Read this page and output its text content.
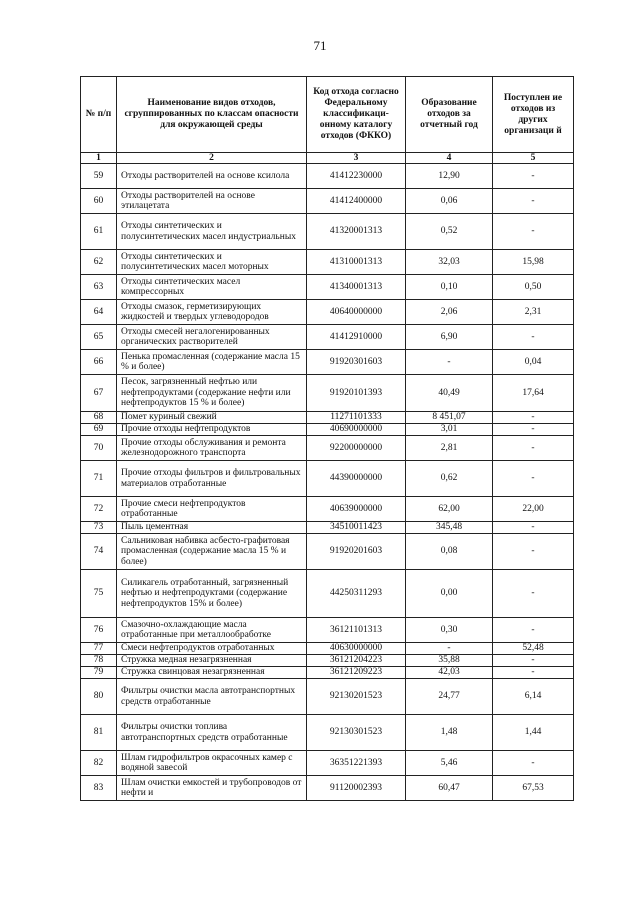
71
№ п/п	Наименование видов отходов, сгруппированных по классам опасности для окружающей среды	Код отхода согласно Федеральному классификаци-онному каталогу отходов (ФККО)	Образование отходов за отчетный год	Поступлен ие отходов из других организаци й
1	2	3	4	5
59	Отходы растворителей на основе ксилола	41412230000	12,90	-
60	Отходы растворителей на основе этилацетата	41412400000	0,06	-
61	Отходы синтетических и полусинтетических масел индустриальных	41320001313	0,52	-
62	Отходы синтетических и полусинтетических масел моторных	41310001313	32,03	15,98
63	Отходы синтетических масел компрессорных	41340001313	0,10	0,50
64	Отходы смазок, герметизирующих жидкостей и твердых углеводородов	40640000000	2,06	2,31
65	Отходы смесей негалогенированных органических растворителей	41412910000	6,90	-
66	Пенька промасленная (содержание масла 15 % и более)	91920301603	-	0,04
67	Песок, загрязненный нефтью или нефтепродуктами (содержание нефти или нефтепродуктов 15 % и более)	91920101393	40,49	17,64
68	Помет куриный свежий	11271101333	8 451,07	-
69	Прочие отходы нефтепродуктов	40690000000	3,01	-
70	Прочие отходы обслуживания и ремонта железнодорожного транспорта	92200000000	2,81	-
71	Прочие отходы фильтров и фильтровальных материалов отработанные	44390000000	0,62	-
72	Прочие смеси нефтепродуктов отработанные	40639000000	62,00	22,00
73	Пыль цементная	34510011423	345,48	-
74	Сальниковая набивка асбесто-графитовая промасленная (содержание масла 15 % и более)	91920201603	0,08	-
75	Силикагель отработанный, загрязненный нефтью и нефтепродуктами (содержание нефтепродуктов 15% и более)	44250311293	0,00	-
76	Смазочно-охлаждающие масла отработанные при металлообработке	36121101313	0,30	-
77	Смеси нефтепродуктов отработанных	40630000000	-	52,48
78	Стружка медная незагрязненная	36121204223	35,88	-
79	Стружка свинцовая незагрязненная	36121209223	42,03	-
80	Фильтры очистки масла автотранспортных средств отработанные	92130201523	24,77	6,14
81	Фильтры очистки топлива автотранспортных средств отработанные	92130301523	1,48	1,44
82	Шлам гидрофильтров окрасочных камер с водяной завесой	36351221393	5,46	-
83	Шлам очистки емкостей и трубопроводов от нефти и	91120002393	60,47	67,53
